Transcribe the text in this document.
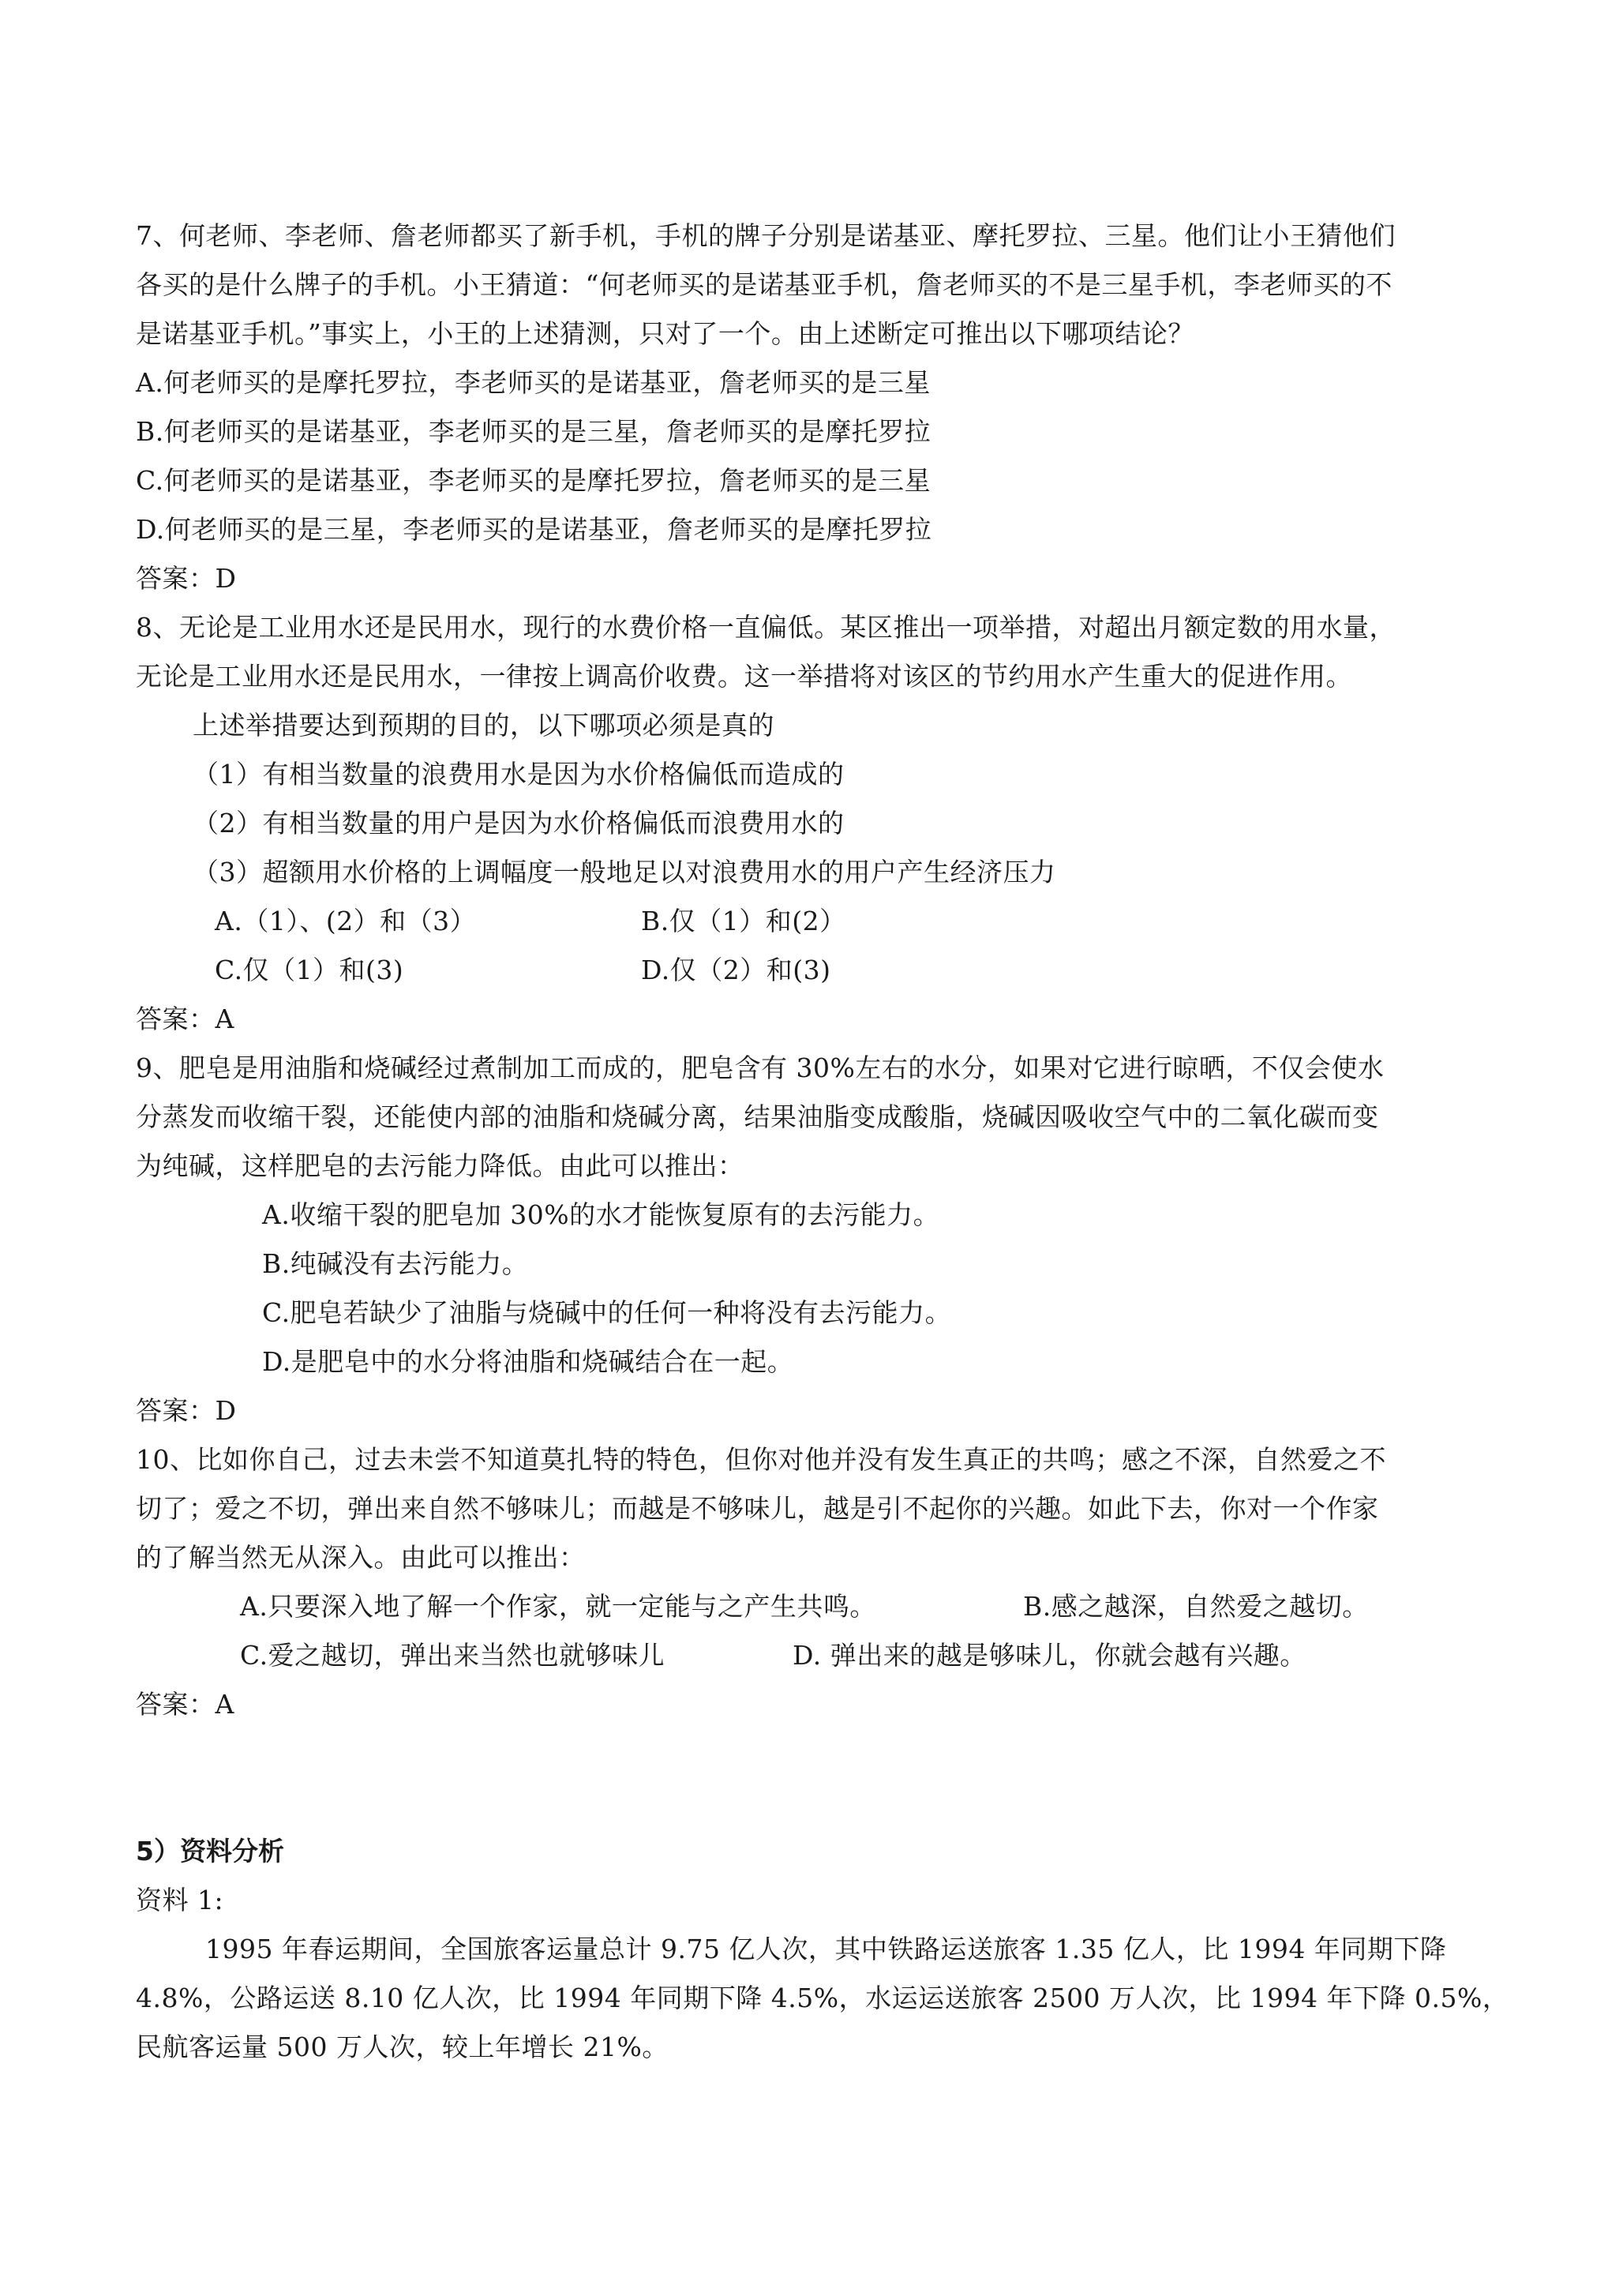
7、何老师、李老师、詹老师都买了新手机，手机的牌子分别是诺基亚、摩托罗拉、三星。他们让小王猜他们
各买的是什么牌子的手机。小王猜道：“何老师买的是诺基亚手机，詹老师买的不是三星手机，李老师买的不
是诺基亚手机。”事实上，小王的上述猜测，只对了一个。由上述断定可推出以下哪项结论？
A.何老师买的是摩托罗拉，李老师买的是诺基亚，詹老师买的是三星
B.何老师买的是诺基亚，李老师买的是三星，詹老师买的是摩托罗拉
C.何老师买的是诺基亚，李老师买的是摩托罗拉，詹老师买的是三星
D.何老师买的是三星，李老师买的是诺基亚，詹老师买的是摩托罗拉
答案：D
8、无论是工业用水还是民用水，现行的水费价格一直偏低。某区推出一项举措，对超出月额定数的用水量，
无论是工业用水还是民用水，一律按上调高价收费。这一举措将对该区的节约用水产生重大的促进作用。
上述举措要达到预期的目的，以下哪项必须是真的
（1）有相当数量的浪费用水是因为水价格偏低而造成的
（2）有相当数量的用户是因为水价格偏低而浪费用水的
（3）超额用水价格的上调幅度一般地足以对浪费用水的用户产生经济压力
A.（1）、(2）和（3）	B.仅（1）和(2）
C.仅（1）和(3)	D.仅（2）和(3)
答案：A
9、肥皂是用油脂和烧碱经过煮制加工而成的，肥皂含有 30%左右的水分，如果对它进行晾晒，不仅会使水
分蒸发而收缩干裂，还能使内部的油脂和烧碱分离，结果油脂变成酸脂，烧碱因吸收空气中的二氧化碳而变
为纯碱，这样肥皂的去污能力降低。由此可以推出：
A.收缩干裂的肥皂加 30%的水才能恢复原有的去污能力。
B.纯碱没有去污能力。
C.肥皂若缺少了油脂与烧碱中的任何一种将没有去污能力。
D.是肥皂中的水分将油脂和烧碱结合在一起。
答案：D
10、比如你自己，过去未尝不知道莫扎特的特色，但你对他并没有发生真正的共鸣；感之不深，自然爱之不
切了；爱之不切，弹出来自然不够味儿；而越是不够味儿，越是引不起你的兴趣。如此下去，你对一个作家
的了解当然无从深入。由此可以推出：
A.只要深入地了解一个作家，就一定能与之产生共鸣。	B.感之越深，自然爱之越切。
C.爱之越切，弹出来当然也就够味儿	D. 弹出来的越是够味儿，你就会越有兴趣。
答案：A
5）资料分析
资料 1:
1995 年春运期间，全国旅客运量总计 9.75 亿人次，其中铁路运送旅客 1.35 亿人，比 1994 年同期下降
4.8%，公路运送 8.10 亿人次，比 1994 年同期下降 4.5%，水运运送旅客 2500 万人次，比 1994 年下降 0.5%，
民航客运量 500 万人次，较上年增长 21%。
